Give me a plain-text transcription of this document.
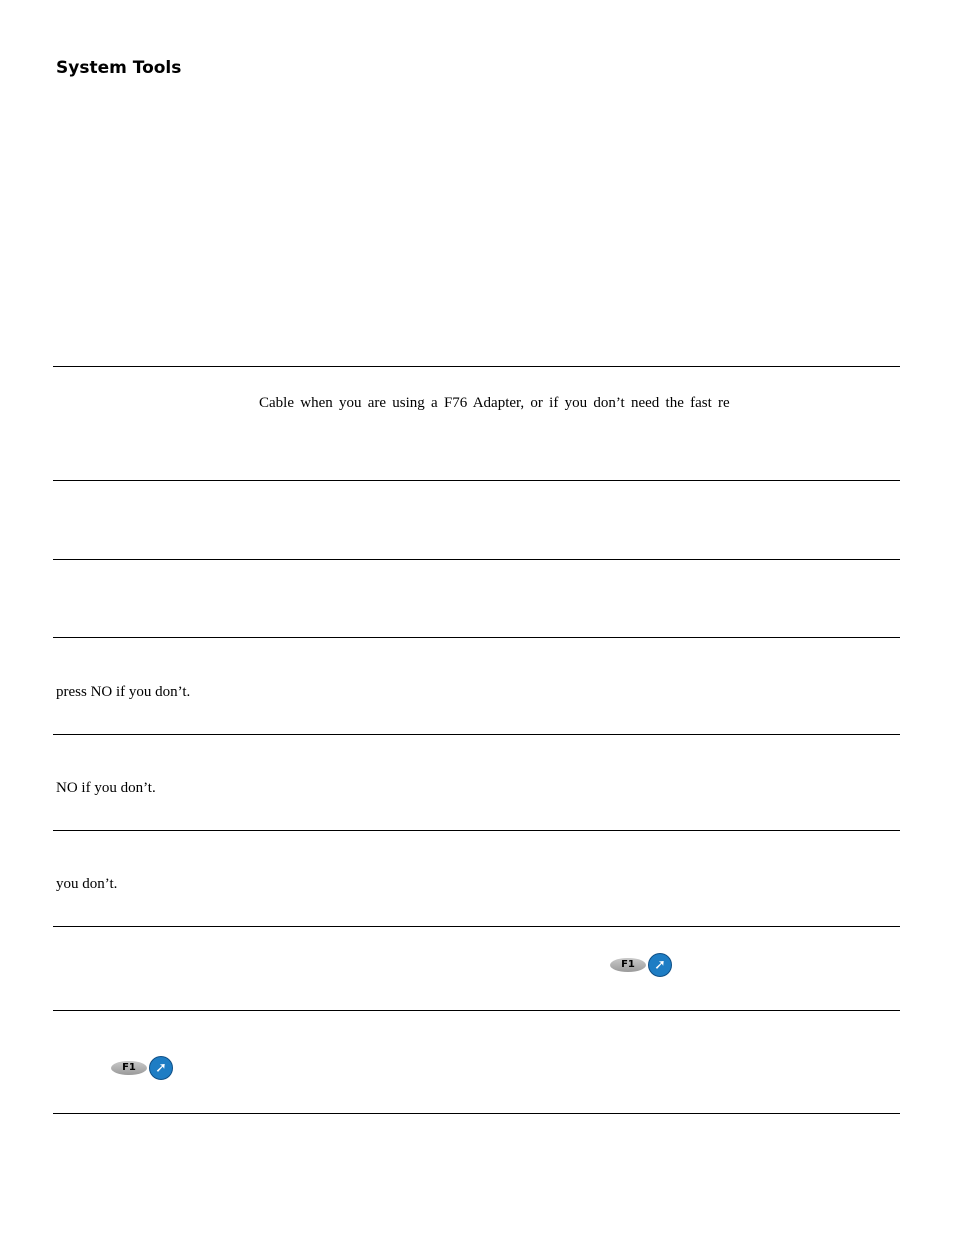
System Tools
Cable when you are using a F76 Adapter, or if you don’t need the fast re
press NO if you don’t.
NO if you don’t.
you don’t.
F1	➚
F1	➚
